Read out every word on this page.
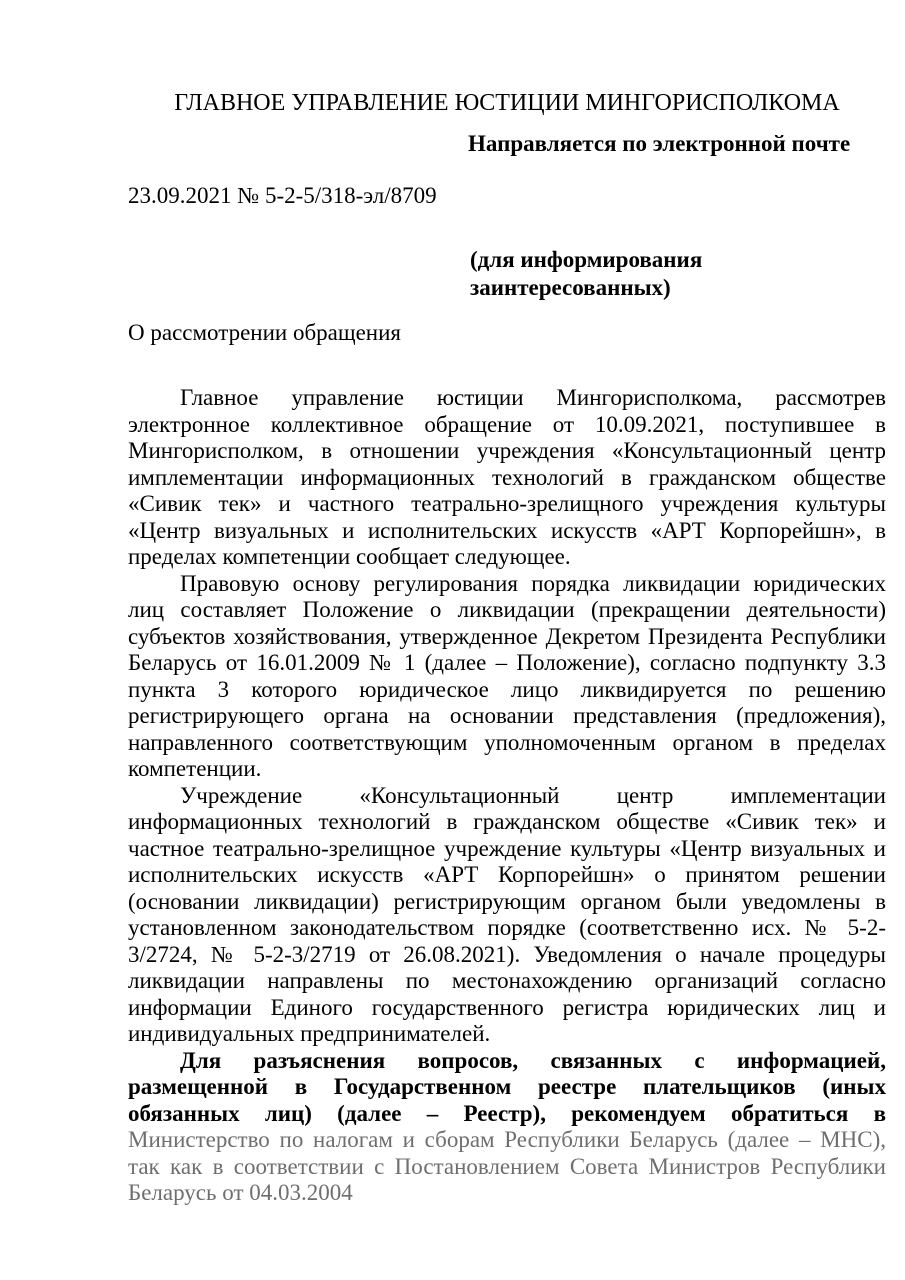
ГЛАВНОЕ УПРАВЛЕНИЕ ЮСТИЦИИ МИНГОРИСПОЛКОМА
Направляется по электронной почте
23.09.2021 № 5-2-5/318-эл/8709
(для информирования заинтересованных)
О рассмотрении обращения

Главное управление юстиции Мингорисполкома, рассмотрев электронное коллективное обращение от 10.09.2021, поступившее в Мингорисполком, в отношении учреждения «Консультационный центр имплементации информационных технологий в гражданском обществе «Сивик тек» и частного театрально-зрелищного учреждения культуры «Центр визуальных и исполнительских искусств «АРТ Корпорейшн», в пределах компетенции сообщает следующее.

Правовую основу регулирования порядка ликвидации юридических лиц составляет Положение о ликвидации (прекращении деятельности) субъектов хозяйствования, утвержденное Декретом Президента Республики Беларусь от 16.01.2009 № 1 (далее – Положение), согласно подпункту 3.3 пункта 3 которого юридическое лицо ликвидируется по решению регистрирующего органа на основании представления (предложения), направленного соответствующим уполномоченным органом в пределах компетенции.

Учреждение «Консультационный центр имплементации информационных технологий в гражданском обществе «Сивик тек» и частное театрально-зрелищное учреждение культуры «Центр визуальных и исполнительских искусств «АРТ Корпорейшн» о принятом решении (основании ликвидации) регистрирующим органом были уведомлены в установленном законодательством порядке (соответственно исх. № 5-2-3/2724, № 5-2-3/2719 от 26.08.2021). Уведомления о начале процедуры ликвидации направлены по местонахождению организаций согласно информации Единого государственного регистра юридических лиц и индивидуальных предпринимателей.

Для разъяснения вопросов, связанных с информацией, размещенной в Государственном реестре плательщиков (иных обязанных лиц) (далее – Реестр), рекомендуем обратиться в Министерство по налогам и сборам Республики Беларусь (далее – МНС), так как в соответствии с Постановлением Совета Министров Республики Беларусь от 04.03.2004
